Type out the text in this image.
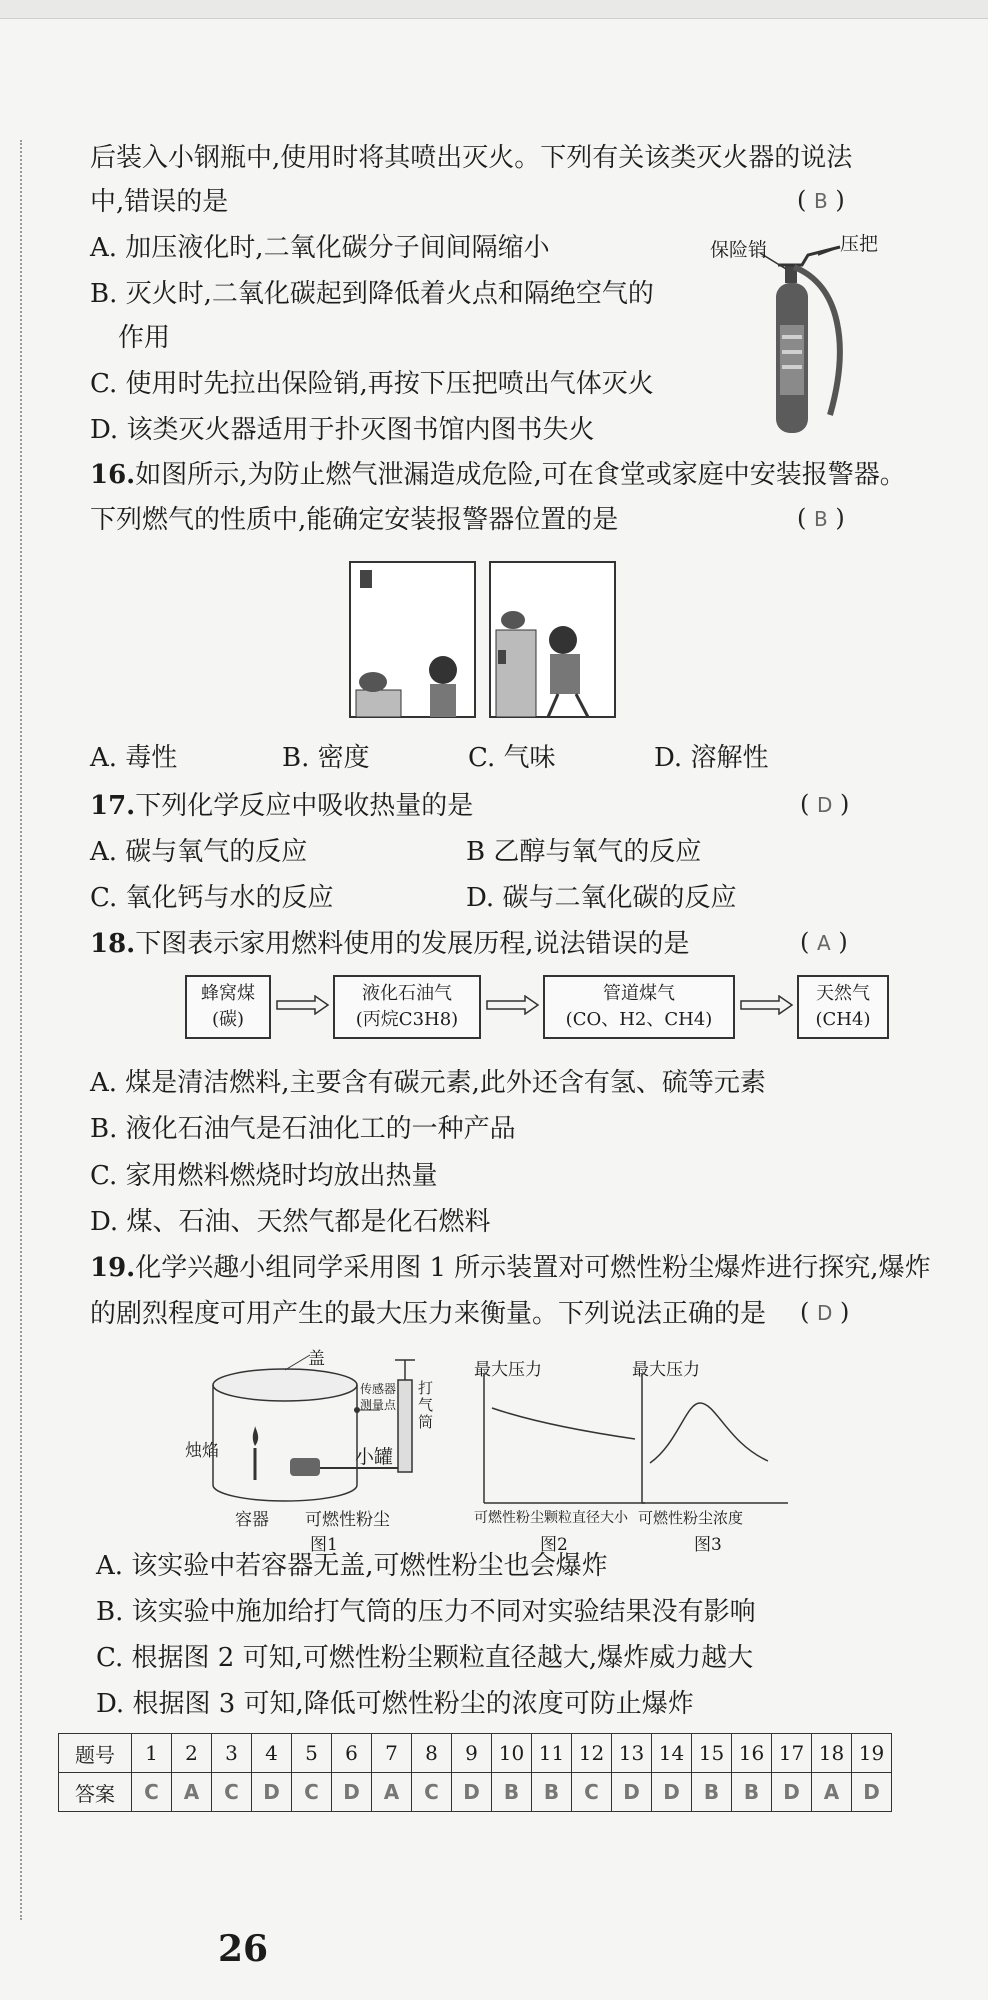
后装入小钢瓶中,使用时将其喷出灭火。下列有关该类灭火器的说法
中,错误的是	( B )
A. 加压液化时,二氧化碳分子间间隔缩小
B. 灭火时,二氧化碳起到降低着火点和隔绝空气的
作用
C. 使用时先拉出保险销,再按下压把喷出气体灭火
D. 该类灭火器适用于扑灭图书馆内图书失火
保险销	压把
16.如图所示,为防止燃气泄漏造成危险,可在食堂或家庭中安装报警器。
下列燃气的性质中,能确定安装报警器位置的是	( B )
A. 毒性	B. 密度	C. 气味	D. 溶解性
17.下列化学反应中吸收热量的是	( D )
A. 碳与氧气的反应	B 乙醇与氧气的反应
C. 氧化钙与水的反应	D. 碳与二氧化碳的反应
18.下图表示家用燃料使用的发展历程,说法错误的是	( A )
蜂窝煤
(碳)
液化石油气
(丙烷C3H8)
管道煤气
(CO、H2、CH4)
天然气
(CH4)
A. 煤是清洁燃料,主要含有碳元素,此外还含有氢、硫等元素
B. 液化石油气是石油化工的一种产品
C. 家用燃料燃烧时均放出热量
D. 煤、石油、天然气都是化石燃料
19.化学兴趣小组同学采用图 1 所示装置对可燃性粉尘爆炸进行探究,爆炸
的剧烈程度可用产生的最大压力来衡量。下列说法正确的是 ( D )
盖
传感器
测量点
打气筒
烛焰	小罐
容器 可燃性粉尘
图1
最大压力
可燃性粉尘颗粒直径大小
图2
最大压力
可燃性粉尘浓度
图3
A. 该实验中若容器无盖,可燃性粉尘也会爆炸
B. 该实验中施加给打气筒的压力不同对实验结果没有影响
C. 根据图 2 可知,可燃性粉尘颗粒直径越大,爆炸威力越大
D. 根据图 3 可知,降低可燃性粉尘的浓度可防止爆炸
题号	1	2	3	4	5	6	7	8	9	10	11	12	13	14	15	16	17	18	19
答案	C	A	C	D	C	D	A	C	D	B	B	C	D	D	B	B	D	A	D
26
